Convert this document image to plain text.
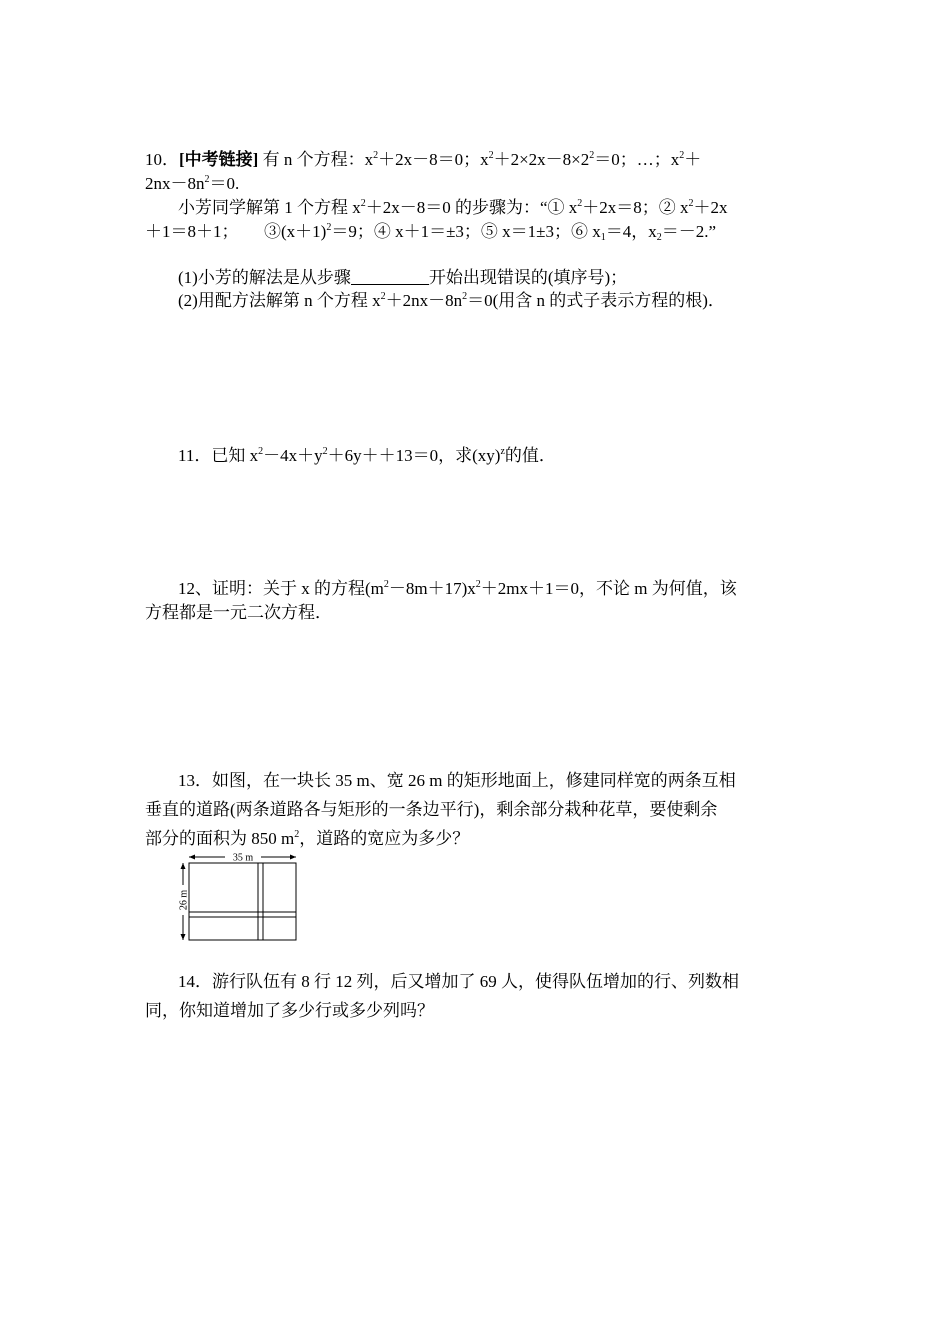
10．[中考链接] 有 n 个方程：$x^2+2x-8=0$；$x^2+2\times 2x-8\times 2^2=0$；…；$x^2+$
$2nx-8n^2=0$.
小芳同学解第 1 个方程 $x^2+2x-8=0$ 的步骤为：“① $x^2+2x=8$；② $x^2+2x$
＋1＝8＋1；　　$③(x+1)^2=9$；④ x＋1＝±3；⑤ x＝1±3；⑥ $x_1=4$，$x_2=-2$.”
(1)小芳的解法是从步骤	开始出现错误的(填序号)；
(2)用配方法解第 n 个方程 $x^2+2nx-8n^2=0$(用含 n 的式子表示方程的根)．
11．已知 $x^2-4x+y^2+6y++13=0$，求(xy)$^z$的值．
12、证明：关于 x 的方程$(m^2-8m+17)x^2+2mx+1=0$，不论 m 为何值，该
方程都是一元二次方程．
13．如图，在一块长 35 m、宽 26 m 的矩形地面上，修建同样宽的两条互相
垂直的道路(两条道路各与矩形的一条边平行)，剩余部分栽种花草，要使剩余
部分的面积为 850 $m^2$，道路的宽应为多少？
35 m
26 m
14．游行队伍有 8 行 12 列，后又增加了 69 人，使得队伍增加的行、列数相
同，你知道增加了多少行或多少列吗？
